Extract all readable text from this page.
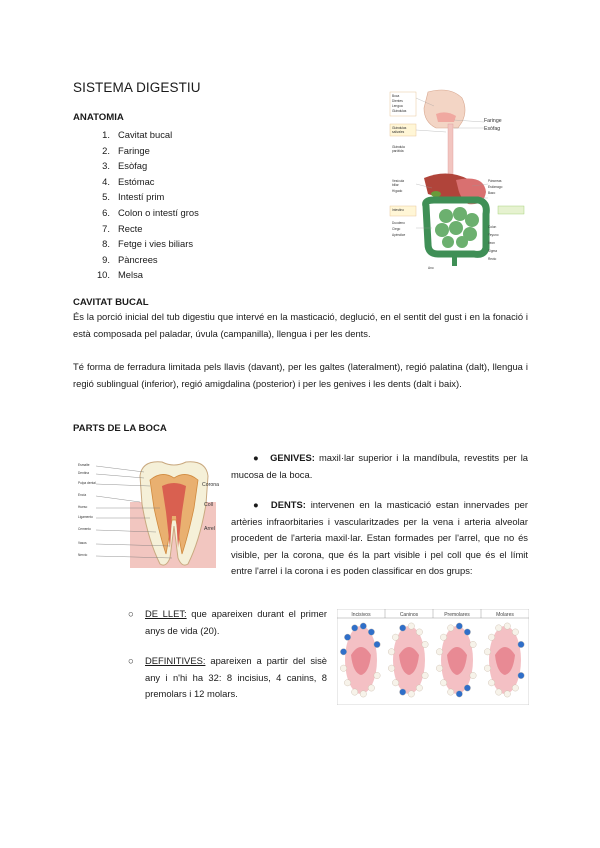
SISTEMA DIGESTIU
ANATOMIA
1. Cavitat bucal
2. Faringe
3. Esòfag
4. Estómac
5. Intestí prim
6. Colon o intestí gros
7. Recte
8. Fetge i vies biliars
9. Pàncrees
10. Melsa
Boca
Dientes
Lengua
Glándulas
Glándulas
salivales
Glándula
parótida
Vesícula
biliar
Hígado
Intestino
Duodeno
Ciego
Apéndice
Ano
Páncreas
Estómago
Bazo
Colon
Yeyuno
Íleon
Sigma
Recto
Faringe
Esòfag
CAVITAT BUCAL
És la porció inicial del tub digestiu que intervé en la masticació, deglució, en el sentit del gust i en la fonació i està composada pel paladar, úvula (campanilla), llengua i per les dents.
Té forma de ferradura limitada pels llavis (davant), per les galtes (lateralment), regió palatina (dalt), llengua i regió sublingual (inferior), regió amigdalina (posterior) i per les genives i les dents (dalt i baix).
PARTS DE LA BOCA
Esmalte
Dentina
Pulpa dental
Encía
Hueso
Ligamento
Cemento
Vasos
Nervio
Corona
Coll
Arrel
● GENIVES: maxil·lar superior i la mandíbula, revestits per la mucosa de la boca.
● DENTS: intervenen en la masticació estan innervades per artèries infraorbitaries i vascularitzades per la vena i arteria alveolar procedent de l'arteria maxil·lar. Estan formades per l'arrel, que no és visible, per la corona, que és la part visible i pel coll que és el límit entre l'arrel i la corona i es poden classificar en dos grups:
○ DE LLET: que apareixen durant el primer anys de vida (20).
○ DEFINITIVES: apareixen a partir del sisè any i n'hi ha 32: 8 incisius, 4 canins, 8 premolars i 12 molars.
Incisivos	Caninos	Premolares	Molares
